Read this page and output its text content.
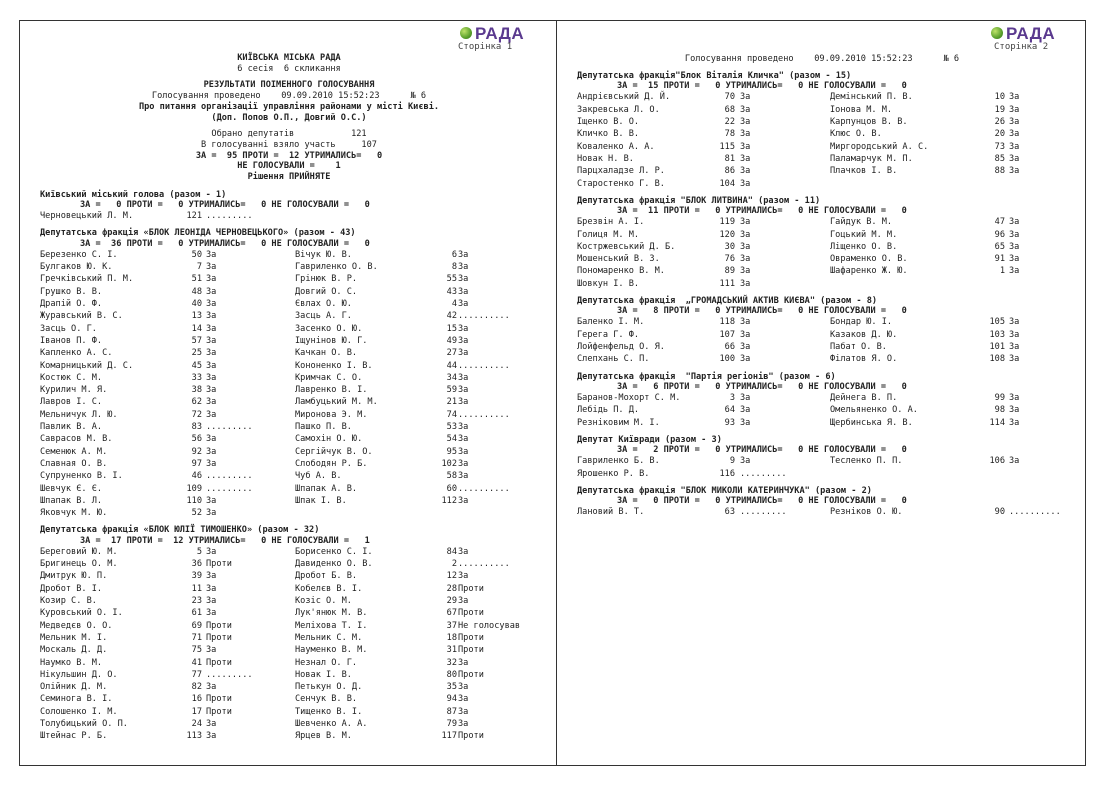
РАДА
Сторінка 1
КИЇВСЬКА МІСЬКА РАДА
6 сесія  6 скликання
РЕЗУЛЬТАТИ ПОІМЕННОГО ГОЛОСУВАННЯ
Голосування проведено    09.09.2010 15:52:23      № 6
Про питання організації управління районами у місті Києві.
(Доп. Попов О.П., Довгий О.С.)
Обрано депутатів           121
В голосуванні взяло участь     107
ЗА =  95 ПРОТИ =  12 УТРИМАЛИСЬ=   0
НЕ ГОЛОСУВАЛИ =    1
Рішення ПРИЙНЯТЕ
Київський міський голова (разом - 1)
ЗА =   0 ПРОТИ =   0 УТРИМАЛИСЬ=   0 НЕ ГОЛОСУВАЛИ =   0
Черновецький Л. М.	121 .........
Депутатська фракція «БЛОК ЛЕОНІДА ЧЕРНОВЕЦЬКОГО» (разом - 43)
ЗА =  36 ПРОТИ =   0 УТРИМАЛИСЬ=   0 НЕ ГОЛОСУВАЛИ =   0
Березенко С. І.	50 За	Вічук Ю. В.	6 За
Булгаков Ю. К.	7 За	Гавриленко О. В.	8 За
Гречківський П. М.	51 За	Грінюк В. Р.	55 За
Грушко В. В.	48 За	Довгий О. С.	43 За
Драпій О. Ф.	40 За	Євлах О. Ю.	4 За
Журавський В. С.	13 За	Засць А. Г.	42 ..........
Засць О. Г.	14 За	Засенко О. Ю.	15 За
Іванов П. Ф.	57 За	Іщунінов Ю. Г.	49 За
Капленко А. С.	25 За	Качкан О. В.	27 За
Комарницький Д. С.	45 За	Кононенко І. В.	44 ..........
Костюк С. М.	33 За	Кримчак С. О.	34 За
Курилич М. Я.	38 За	Лавренко В. І.	59 За
Лавров І. С.	62 За	Ламбуцький М. М.	21 За
Мельничук Л. Ю.	72 За	Миронова Э. М.	74 ..........
Павлик В. А.	83 .........	Пашко П. В.	53 За
Саврасов М. В.	56 За	Самохін О. Ю.	54 За
Семенюк А. М.	92 За	Сергійчук В. О.	95 За
Славная О. В.	97 За	Слободян Р. Б.	102 За
Супруненко В. І.	46 .........	Чуб А. В.	58 За
Шевчук Є. Є.	109 .........	Шпапак А. В.	60 ..........
Шпапак В. Л.	110 За	Шпак І. В.	112 За
Яковчук М. Ю.	52 За
Депутатська фракція «БЛОК ЮЛІЇ ТИМОШЕНКО» (разом - 32)
ЗА =  17 ПРОТИ =  12 УТРИМАЛИСЬ=   0 НЕ ГОЛОСУВАЛИ =   1
Береговий Ю. М.	5 За	Борисенко С. І.	84 За
Бригинець О. М.	36 Проти	Давиденко О. В.	2 ..........
Дмитрук Ю. П.	39 За	Дробот Б. В.	12 За
Дробот В. І.	11 За	Кобелєв В. І.	28 Проти
Козир С. В.	23 За	Козіс О. М.	29 За
Куровський О. І.	61 За	Лук'янюк М. В.	67 Проти
Медведєв О. О.	69 Проти	Меліхова Т. І.	37 Не голосував
Мельник М. І.	71 Проти	Мельник С. М.	18 Проти
Москаль Д. Д.	75 За	Науменко В. М.	31 Проти
Наумко В. М.	41 Проти	Незнал О. Г.	32 За
Нікульшин Д. О.	77 .........	Новак І. В.	80 Проти
Олійник Д. М.	82 За	Петькун О. Д.	35 За
Семинога В. І.	16 Проти	Сенчук В. В.	94 За
Солошенко І. М.	17 Проти	Тищенко В. І.	87 За
Толубицький О. П.	24 За	Шевченко А. А.	79 За
Штейнас Р. Б.	113 За	Ярцев В. М.	117 Проти
РАДА
Сторінка 2
Голосування проведено    09.09.2010 15:52:23      № 6
Депутатська фракція"Блок Віталія Кличка" (разом - 15)
ЗА =  15 ПРОТИ =   0 УТРИМАЛИСЬ=   0 НЕ ГОЛОСУВАЛИ =   0
Андрієвський Д. Й.	70 За	Демінський П. В.	10 За
Закревська Л. О.	68 За	Іонова М. М.	19 За
Іщенко В. О.	22 За	Карпунцов В. В.	26 За
Кличко В. В.	78 За	Клюс О. В.	20 За
Коваленко А. А.	115 За	Миргородський А. С.	73 За
Новак Н. В.	81 За	Паламарчук М. П.	85 За
Парцхаладзе Л. Р.	86 За	Плачков І. В.	88 За
Старостенко Г. В.	104 За
Депутатська фракція "БЛОК ЛИТВИНА" (разом - 11)
ЗА =  11 ПРОТИ =   0 УТРИМАЛИСЬ=   0 НЕ ГОЛОСУВАЛИ =   0
Брезвін А. І.	119 За	Гайдук В. М.	47 За
Голиця М. М.	120 За	Гоцький М. М.	96 За
Костржевський Д. Б.	30 За	Ліщенко О. В.	65 За
Мошенський В. З.	76 За	Овраменко О. В.	91 За
Пономаренко В. М.	89 За	Шафаренко Ж. Ю.	1 За
Шовкун І. В.	111 За
Депутатська фракція  „ГРОМАДСЬКИЙ АКТИВ КИЄВА" (разом - 8)
ЗА =   8 ПРОТИ =   0 УТРИМАЛИСЬ=   0 НЕ ГОЛОСУВАЛИ =   0
Баленко І. М.	118 За	Бондар Ю. І.	105 За
Герега Г. Ф.	107 За	Казаков Д. Ю.	103 За
Лойфенфельд О. Я.	66 За	Пабат О. В.	101 За
Слепхань С. П.	100 За	Філатов Я. О.	108 За
Депутатська фракція  "Партія регіонів" (разом - 6)
ЗА =   6 ПРОТИ =   0 УТРИМАЛИСЬ=   0 НЕ ГОЛОСУВАЛИ =   0
Баранов-Мохорт С. М.	3 За	Дейнега В. П.	99 За
Лебідь П. Д.	64 За	Омельяненко О. А.	98 За
Резніковим М. І.	93 За	Щербинська Я. В.	114 За
Депутат Київради (разом - 3)
ЗА =   2 ПРОТИ =   0 УТРИМАЛИСЬ=   0 НЕ ГОЛОСУВАЛИ =   0
Гавриленко Б. В.	9 За	Тесленко П. П.	106 За
Ярошенко Р. В.	116 .........
Депутатська фракція "БЛОК МИКОЛИ КАТЕРИНЧУКА" (разом - 2)
ЗА =   0 ПРОТИ =   0 УТРИМАЛИСЬ=   0 НЕ ГОЛОСУВАЛИ =   0
Лановий В. Т.	63 .........	Резніков О. Ю.	90 ..........
